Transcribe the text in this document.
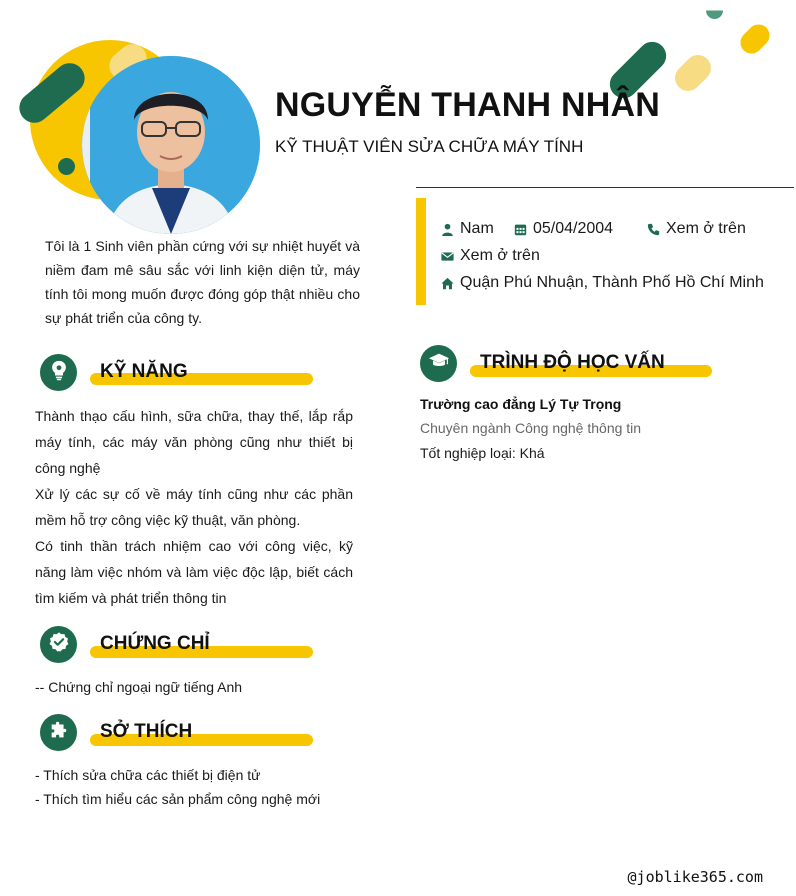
NGUYỄN THANH NHÂN
KỸ THUẬT VIÊN SỬA CHỮA MÁY TÍNH
Nam 05/04/2004	Xem ở trên
Xem ở trên
Quận Phú Nhuận, Thành Phố Hồ Chí Minh
Tôi là 1 Sinh viên phần cứng với sự nhiệt huyết và niềm đam mê sâu sắc với linh kiện diện tử, máy tính tôi mong muốn được đóng góp thật nhiều cho sự phát triển của công ty.
KỸ NĂNG
Thành thạo cấu hình, sữa chữa, thay thế, lắp rắp máy tính, các máy văn phòng cũng như thiết bị công nghệ
Xử lý các sự cố về máy tính cũng như các phần mềm hỗ trợ công việc kỹ thuật, văn phòng.
Có tinh thần trách nhiệm cao với công việc, kỹ năng làm việc nhóm và làm việc độc lập, biết cách tìm kiếm và phát triển thông tin
CHỨNG CHỈ
-- Chứng chỉ ngoại ngữ tiếng Anh
SỞ THÍCH
- Thích sửa chữa các thiết bị điện tử
- Thích tìm hiểu các sản phẩm công nghệ mới
TRÌNH ĐỘ HỌC VẤN
Trường cao đẳng Lý Tự Trọng
Chuyên ngành Công nghệ thông tin
Tốt nghiệp loại: Khá
@joblike365.com
